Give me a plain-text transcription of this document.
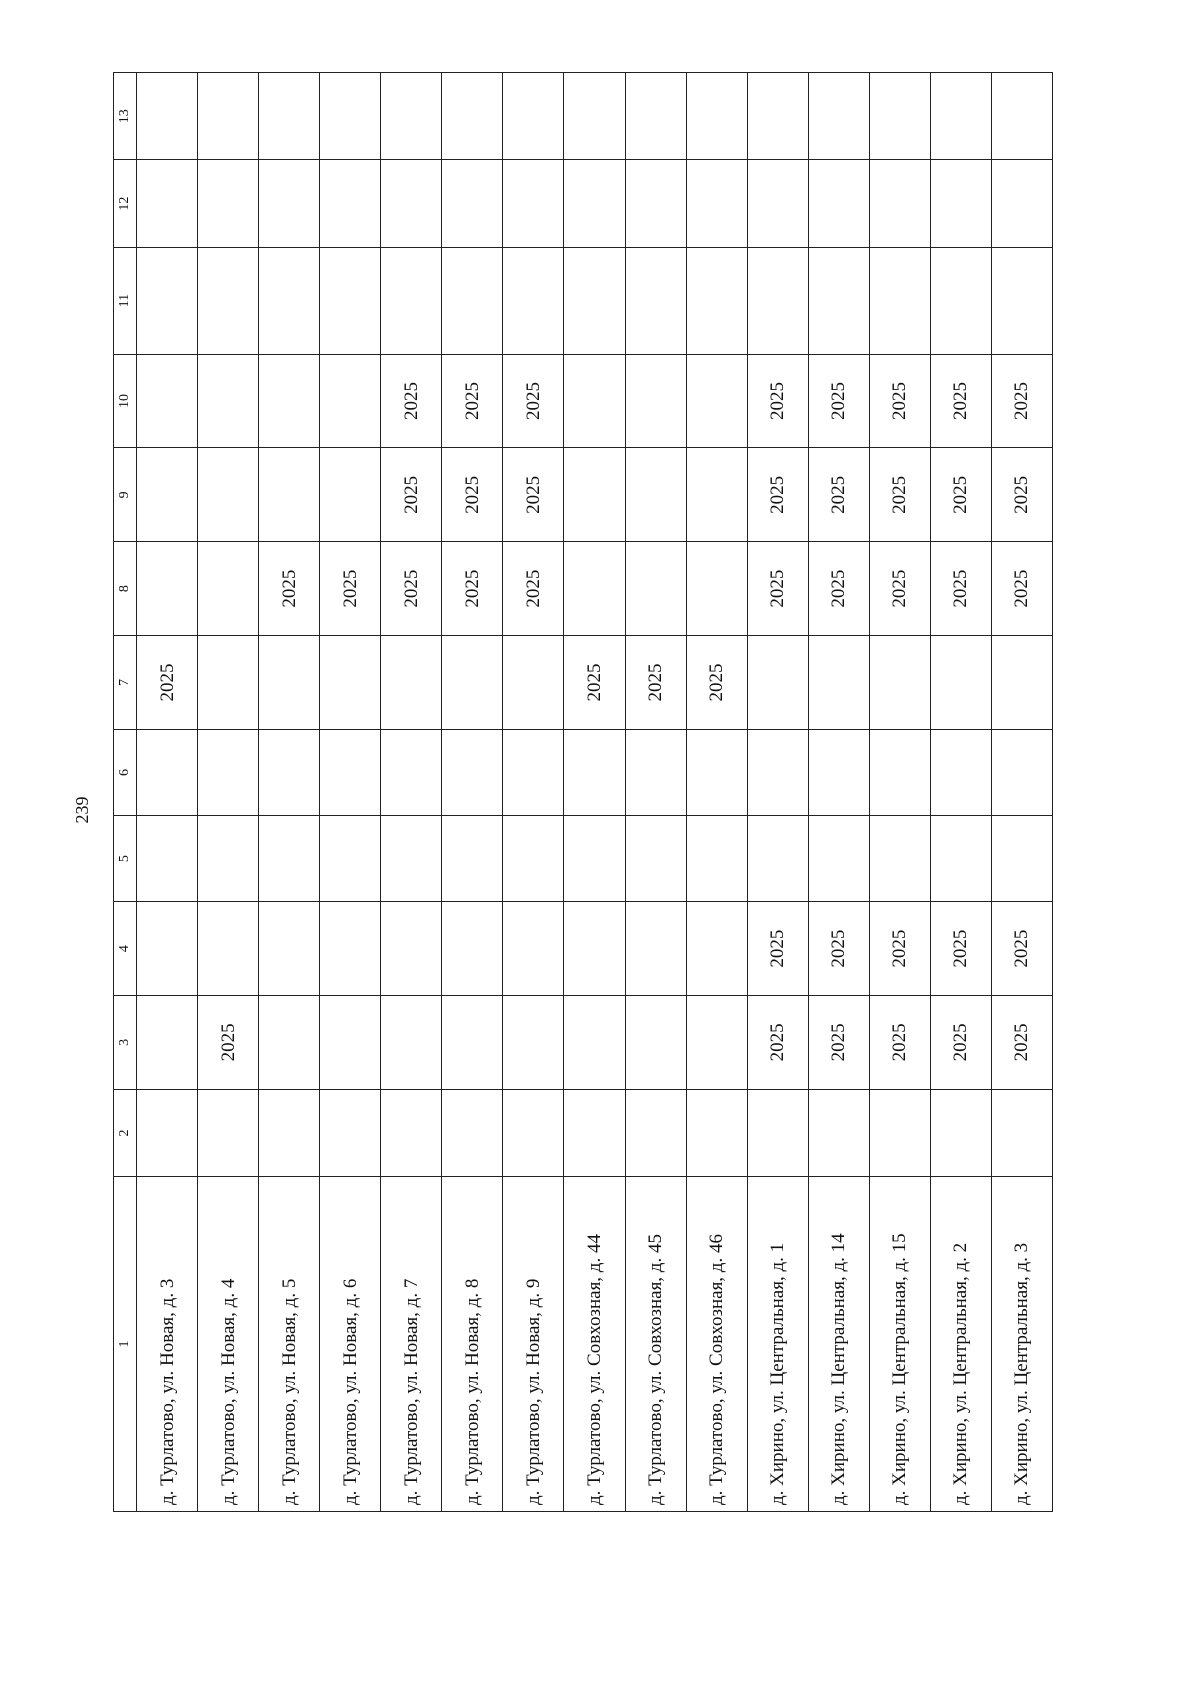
239
1	2	3	4	5	6	7	8	9	10	11	12	13
д. Турлатово, ул. Новая, д. 3						2025						
д. Турлатово, ул. Новая, д. 4		2025										
д. Турлатово, ул. Новая, д. 5							2025					
д. Турлатово, ул. Новая, д. 6							2025					
д. Турлатово, ул. Новая, д. 7							2025	2025	2025			
д. Турлатово, ул. Новая, д. 8							2025	2025	2025			
д. Турлатово, ул. Новая, д. 9							2025	2025	2025			
д. Турлатово, ул. Совхозная, д. 44						2025						
д. Турлатово, ул. Совхозная, д. 45						2025						
д. Турлатово, ул. Совхозная, д. 46						2025						
д. Хирино, ул. Центральная, д. 1		2025	2025				2025	2025	2025			
д. Хирино, ул. Центральная, д. 14		2025	2025				2025	2025	2025			
д. Хирино, ул. Центральная, д. 15		2025	2025				2025	2025	2025			
д. Хирино, ул. Центральная, д. 2		2025	2025				2025	2025	2025			
д. Хирино, ул. Центральная, д. 3		2025	2025				2025	2025	2025			
